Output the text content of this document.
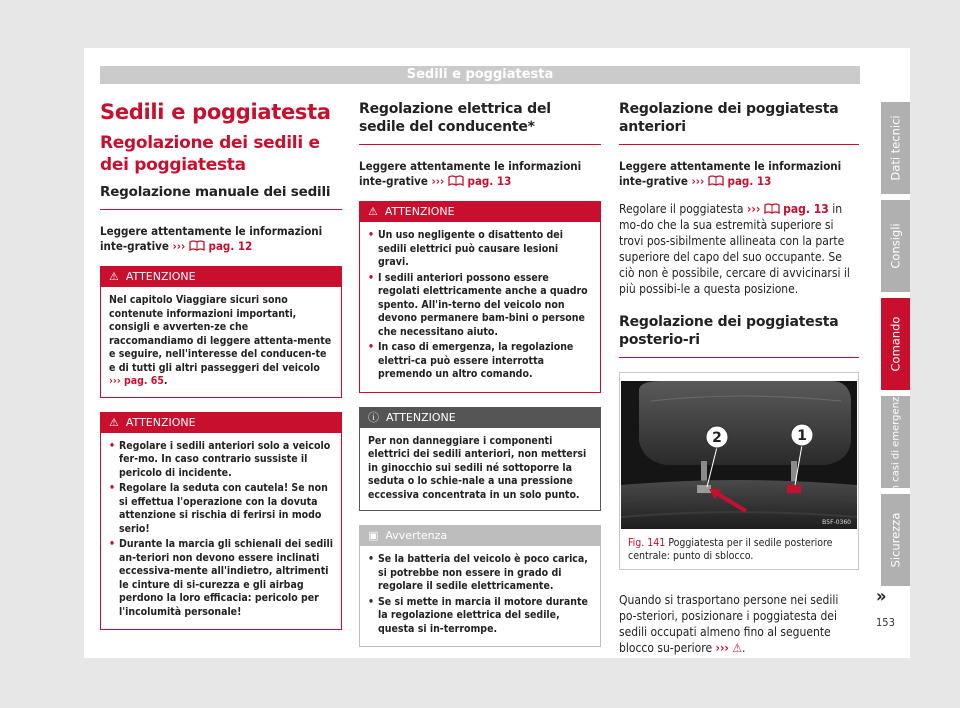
Sedili e poggiatesta
Sedili e poggiatesta
Regolazione dei sedili e dei poggiatesta
Regolazione manuale dei sedili
Leggere attentamente le informazioni inte-grative ››› pag. 12
⚠ ATTENZIONE
Nel capitolo Viaggiare sicuri sono contenute informazioni importanti, consigli e avverten-ze che raccomandiamo di leggere attenta-mente e seguire, nell'interesse del conducen-te e di tutti gli altri passeggeri del veicolo ››› pag. 65.
⚠ ATTENZIONE
• Regolare i sedili anteriori solo a veicolo fer-mo. In caso contrario sussiste il pericolo di incidente.
• Regolare la seduta con cautela! Se non si effettua l'operazione con la dovuta attenzione si rischia di ferirsi in modo serio!
• Durante la marcia gli schienali dei sedili an-teriori non devono essere inclinati eccessiva-mente all'indietro, altrimenti le cinture di si-curezza e gli airbag perdono la loro efficacia: pericolo per l'incolumità personale!
Regolazione elettrica del sedile del conducente*
Leggere attentamente le informazioni inte-grative ››› pag. 13
⚠ ATTENZIONE
• Un uso negligente o disattento dei sedili elettrici può causare lesioni gravi.
• I sedili anteriori possono essere regolati elettricamente anche a quadro spento. All'in-terno del veicolo non devono permanere bam-bini o persone che necessitano aiuto.
• In caso di emergenza, la regolazione elettri-ca può essere interrotta premendo un altro comando.
ⓘ ATTENZIONE
Per non danneggiare i componenti elettrici dei sedili anteriori, non mettersi in ginocchio sui sedili né sottoporre la seduta o lo schie-nale a una pressione eccessiva concentrata in un solo punto.
▣ Avvertenza
• Se la batteria del veicolo è poco carica, si potrebbe non essere in grado di regolare il sedile elettricamente.
• Se si mette in marcia il motore durante la regolazione elettrica del sedile, questa si in-terrompe.
Regolazione dei poggiatesta anteriori
Leggere attentamente le informazioni inte-grative ››› pag. 13
Regolare il poggiatesta ››› pag. 13 in mo-do che la sua estremità superiore si trovi pos-sibilmente allineata con la parte superiore del capo del suo occupante. Se ciò non è possibile, cercare di avvicinarsi il più possibi-le a questa posizione.
Regolazione dei poggiatesta posterio-ri
2	1
B5F-0360
Fig. 141 Poggiatesta per il sedile posteriore centrale: punto di sblocco.
Quando si trasportano persone nei sedili po-steriori, posizionare i poggiatesta dei sedili occupati almeno fino al seguente blocco su-periore ››› ⚠.
Dati tecnici
Consigli
Comando
In casi di emergenza
Sicurezza
»
153
